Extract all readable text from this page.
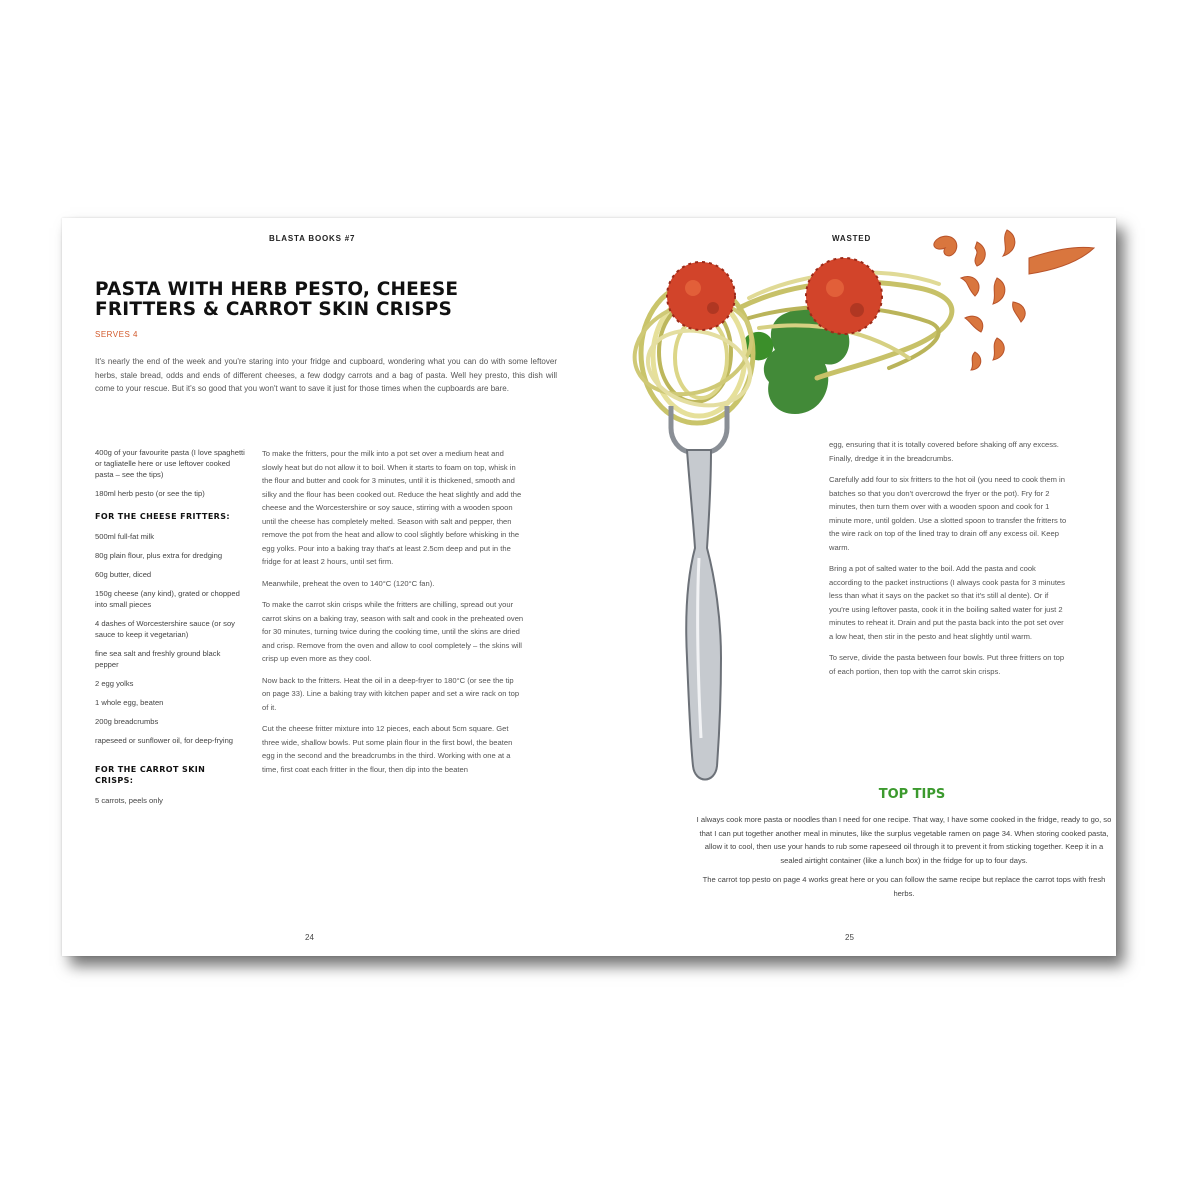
BLASTA BOOKS #7
PASTA WITH HERB PESTO, CHEESE FRITTERS & CARROT SKIN CRISPS
SERVES 4

It's nearly the end of the week and you're staring into your fridge and cupboard, wondering what you can do with some leftover herbs, stale bread, odds and ends of different cheeses, a few dodgy carrots and a bag of pasta. Well hey presto, this dish will come to your rescue. But it's so good that you won't want to save it just for those times when the cupboards are bare.

400g of your favourite pasta (I love spaghetti or tagliatelle here or use leftover cooked pasta – see the tips)

180ml herb pesto (or see the tip)

FOR THE CHEESE FRITTERS:

500ml full-fat milk

80g plain flour, plus extra for dredging

60g butter, diced

150g cheese (any kind), grated or chopped into small pieces

4 dashes of Worcestershire sauce (or soy sauce to keep it vegetarian)

fine sea salt and freshly ground black pepper

2 egg yolks

1 whole egg, beaten

200g breadcrumbs

rapeseed or sunflower oil, for deep-frying

FOR THE CARROT SKIN CRISPS:

5 carrots, peels only

To make the fritters, pour the milk into a pot set over a medium heat and slowly heat but do not allow it to boil. When it starts to foam on top, whisk in the flour and butter and cook for 3 minutes, until it is thickened, smooth and silky and the flour has been cooked out. Reduce the heat slightly and add the cheese and the Worcestershire or soy sauce, stirring with a wooden spoon until the cheese has completely melted. Season with salt and pepper, then remove the pot from the heat and allow to cool slightly before whisking in the egg yolks. Pour into a baking tray that's at least 2.5cm deep and put in the fridge for at least 2 hours, until set firm.

Meanwhile, preheat the oven to 140°C (120°C fan).

To make the carrot skin crisps while the fritters are chilling, spread out your carrot skins on a baking tray, season with salt and cook in the preheated oven for 30 minutes, turning twice during the cooking time, until the skins are dried and crisp. Remove from the oven and allow to cool completely – the skins will crisp up even more as they cool.

Now back to the fritters. Heat the oil in a deep-fryer to 180°C (or see the tip on page 33). Line a baking tray with kitchen paper and set a wire rack on top of it.

Cut the cheese fritter mixture into 12 pieces, each about 5cm square. Get three wide, shallow bowls. Put some plain flour in the first bowl, the beaten egg in the second and the breadcrumbs in the third. Working with one at a time, first coat each fritter in the flour, then dip into the beaten

24
WASTED

egg, ensuring that it is totally covered before shaking off any excess. Finally, dredge it in the breadcrumbs.

Carefully add four to six fritters to the hot oil (you need to cook them in batches so that you don't overcrowd the fryer or the pot). Fry for 2 minutes, then turn them over with a wooden spoon and cook for 1 minute more, until golden. Use a slotted spoon to transfer the fritters to the wire rack on top of the lined tray to drain off any excess oil. Keep warm.

Bring a pot of salted water to the boil. Add the pasta and cook according to the packet instructions (I always cook pasta for 3 minutes less than what it says on the packet so that it's still al dente). Or if you're using leftover pasta, cook it in the boiling salted water for just 2 minutes to reheat it. Drain and put the pasta back into the pot set over a low heat, then stir in the pesto and heat slightly until warm.

To serve, divide the pasta between four bowls. Put three fritters on top of each portion, then top with the carrot skin crisps.

TOP TIPS

I always cook more pasta or noodles than I need for one recipe. That way, I have some cooked in the fridge, ready to go, so that I can put together another meal in minutes, like the surplus vegetable ramen on page 34. When storing cooked pasta, allow it to cool, then use your hands to rub some rapeseed oil through it to prevent it from sticking together. Keep it in a sealed airtight container (like a lunch box) in the fridge for up to four days.

The carrot top pesto on page 4 works great here or you can follow the same recipe but replace the carrot tops with fresh herbs.

25
